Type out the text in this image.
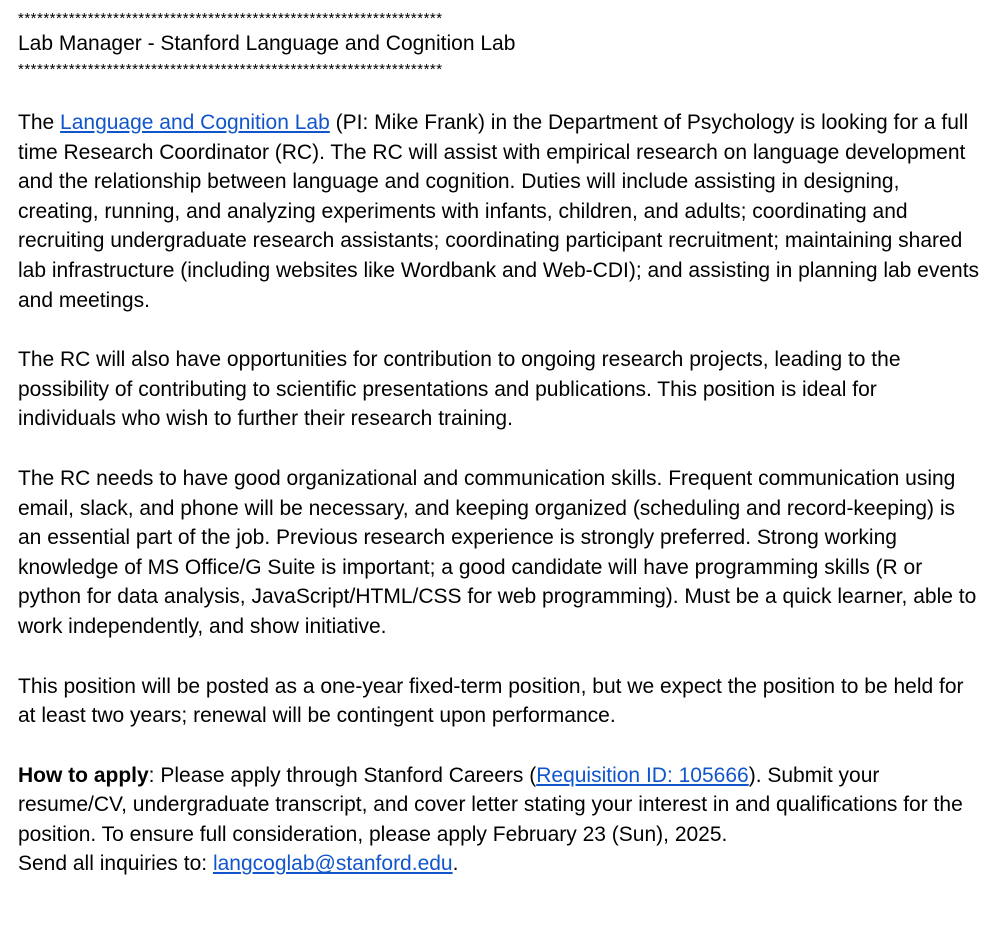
*******************************************************************
Lab Manager - Stanford Language and Cognition Lab
*******************************************************************

The Language and Cognition Lab (PI: Mike Frank) in the Department of Psychology is looking for a full time Research Coordinator (RC). The RC will assist with empirical research on language development and the relationship between language and cognition. Duties will include assisting in designing, creating, running, and analyzing experiments with infants, children, and adults; coordinating and recruiting undergraduate research assistants; coordinating participant recruitment; maintaining shared lab infrastructure (including websites like Wordbank and Web-CDI); and assisting in planning lab events and meetings.

The RC will also have opportunities for contribution to ongoing research projects, leading to the possibility of contributing to scientific presentations and publications. This position is ideal for individuals who wish to further their research training.

The RC needs to have good organizational and communication skills. Frequent communication using email, slack, and phone will be necessary, and keeping organized (scheduling and record-keeping) is an essential part of the job. Previous research experience is strongly preferred. Strong working knowledge of MS Office/G Suite is important; a good candidate will have programming skills (R or python for data analysis, JavaScript/HTML/CSS for web programming). Must be a quick learner, able to work independently, and show initiative.

This position will be posted as a one-year fixed-term position, but we expect the position to be held for at least two years; renewal will be contingent upon performance.

How to apply: Please apply through Stanford Careers (Requisition ID: 105666). Submit your resume/CV, undergraduate transcript, and cover letter stating your interest in and qualifications for the position. To ensure full consideration, please apply February 23 (Sun), 2025.
Send all inquiries to: langcoglab@stanford.edu.
